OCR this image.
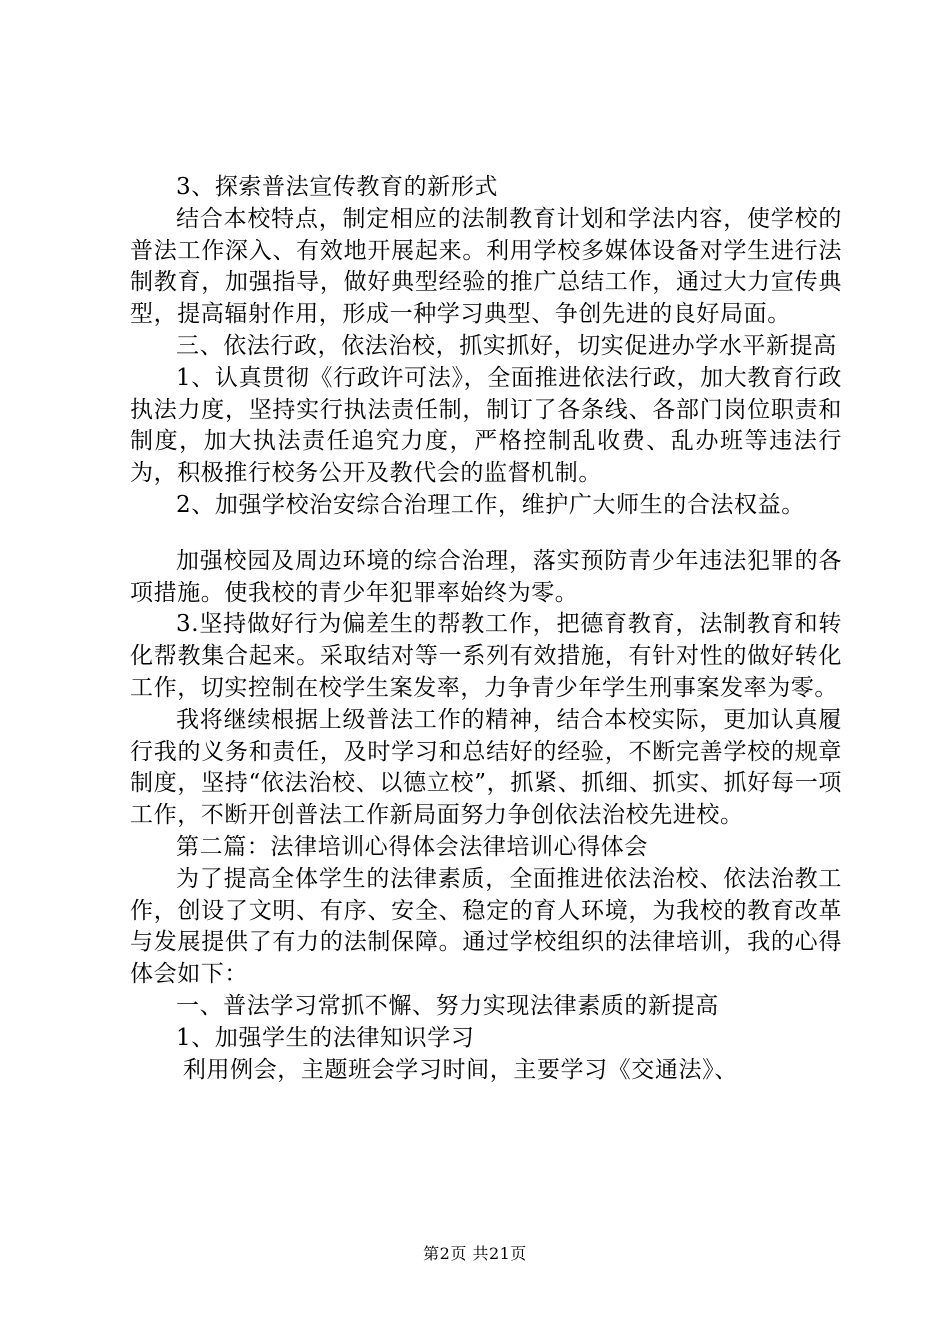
3、探索普法宣传教育的新形式

结合本校特点，制定相应的法制教育计划和学法内容，使学校的普法工作深入、有效地开展起来。利用学校多媒体设备对学生进行法制教育，加强指导，做好典型经验的推广总结工作，通过大力宣传典型，提高辐射作用，形成一种学习典型、争创先进的良好局面。

三、依法行政，依法治校，抓实抓好，切实促进办学水平新提高

1、认真贯彻《行政许可法》，全面推进依法行政，加大教育行政执法力度，坚持实行执法责任制，制订了各条线、各部门岗位职责和制度，加大执法责任追究力度，严格控制乱收费、乱办班等违法行为，积极推行校务公开及教代会的监督机制。

2、加强学校治安综合治理工作，维护广大师生的合法权益。

加强校园及周边环境的综合治理，落实预防青少年违法犯罪的各项措施。使我校的青少年犯罪率始终为零。

3.坚持做好行为偏差生的帮教工作，把德育教育，法制教育和转化帮教集合起来。采取结对等一系列有效措施，有针对性的做好转化工作，切实控制在校学生案发率，力争青少年学生刑事案发率为零。

我将继续根据上级普法工作的精神，结合本校实际，更加认真履行我的义务和责任，及时学习和总结好的经验，不断完善学校的规章制度，坚持“依法治校、以德立校”，抓紧、抓细、抓实、抓好每一项工作，不断开创普法工作新局面努力争创依法治校先进校。

第二篇：法律培训心得体会法律培训心得体会

为了提高全体学生的法律素质，全面推进依法治校、依法治教工作，创设了文明、有序、安全、稳定的育人环境，为我校的教育改革与发展提供了有力的法制保障。通过学校组织的法律培训，我的心得体会如下：

一、普法学习常抓不懈、努力实现法律素质的新提高

1、加强学生的法律知识学习

利用例会，主题班会学习时间，主要学习《交通法》、

第2页 共21页
